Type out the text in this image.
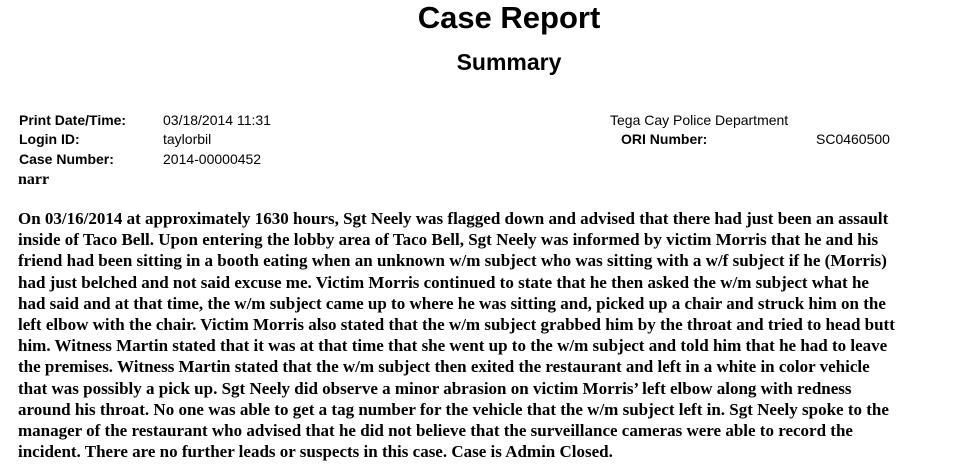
Case Report
Summary
Print Date/Time:	03/18/2014 11:31
Login ID:	taylorbil
Case Number:	2014-00000452
Tega Cay Police Department
ORI Number:	SC0460500
narr
On 03/16/2014 at approximately 1630 hours, Sgt Neely was flagged down and advised that there had just been an assault
inside of Taco Bell. Upon entering the lobby area of Taco Bell, Sgt Neely was informed by victim Morris that he and his
friend had been sitting in a booth eating when an unknown w/m subject who was sitting with a w/f subject if he (Morris)
had just belched and not said excuse me. Victim Morris continued to state that he then asked the w/m subject what he
had said and at that time, the w/m subject came up to where he was sitting and, picked up a chair and struck him on the
left elbow with the chair. Victim Morris also stated that the w/m subject grabbed him by the throat and tried to head butt
him. Witness Martin stated that it was at that time that she went up to the w/m subject and told him that he had to leave
the premises. Witness Martin stated that the w/m subject then exited the restaurant and left in a white in color vehicle
that was possibly a pick up. Sgt Neely did observe a minor abrasion on victim Morris’ left elbow along with redness
around his throat. No one was able to get a tag number for the vehicle that the w/m subject left in. Sgt Neely spoke to the
manager of the restaurant who advised that he did not believe that the surveillance cameras were able to record the
incident. There are no further leads or suspects in this case. Case is Admin Closed.
